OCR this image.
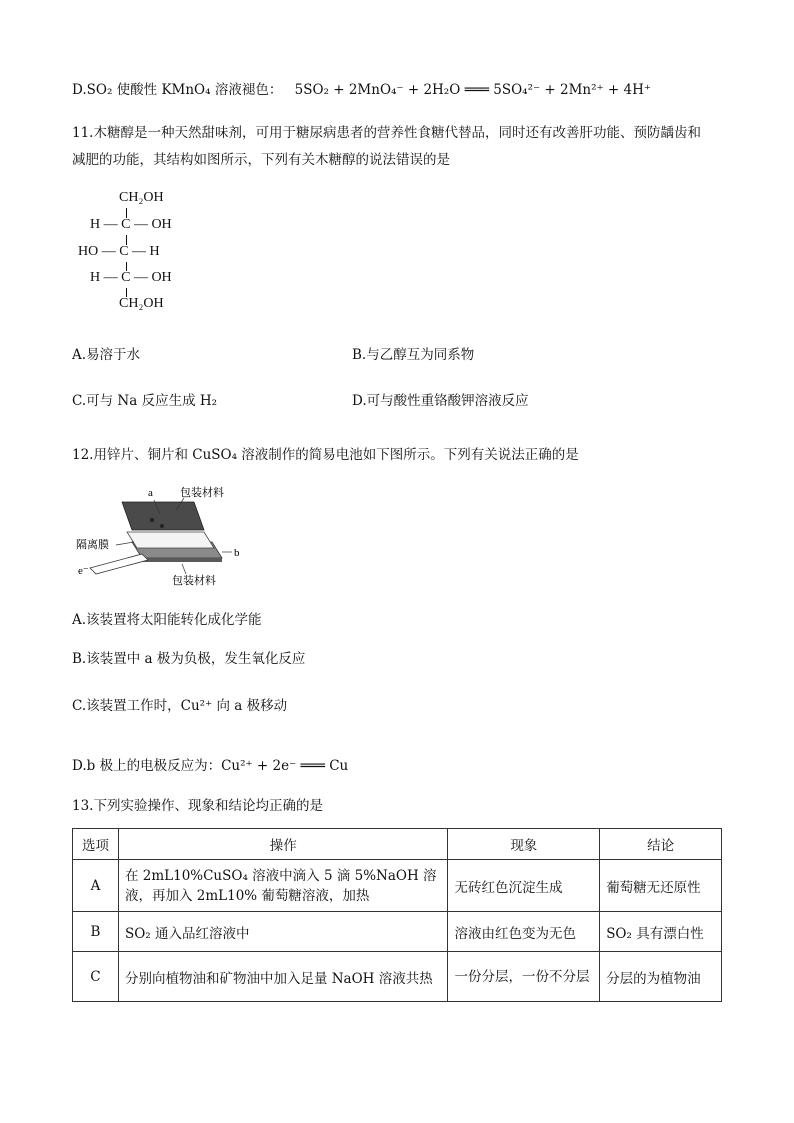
D.SO₂ 使酸性 KMnO₄ 溶液褪色： 5SO₂ + 2MnO₄⁻ + 2H₂O ═══ 5SO₄²⁻ + 2Mn²⁺ + 4H⁺
11.木糖醇是一种天然甜味剂，可用于糖尿病患者的营养性食糖代替品，同时还有改善肝功能、预防龋齿和
减肥的功能，其结构如图所示，下列有关木糖醇的说法错误的是
CH₂OH
H — C — OH
HO — C — H
H — C — OH
CH₂OH
A.易溶于水	B.与乙醇互为同系物
C.可与 Na 反应生成 H₂	D.可与酸性重铬酸钾溶液反应
12.用锌片、铜片和 CuSO₄ 溶液制作的简易电池如下图所示。下列有关说法正确的是
a 包装材料
隔离膜
b
e⁻
包装材料
A.该装置将太阳能转化成化学能
B.该装置中 a 极为负极，发生氧化反应
C.该装置工作时，Cu²⁺ 向 a 极移动
D.b 极上的电极反应为：Cu²⁺ + 2e⁻ ═══ Cu
13.下列实验操作、现象和结论均正确的是
选项	操作	现象	结论
A	在 2mL10%CuSO₄ 溶液中滴入 5 滴 5%NaOH 溶液，再加入 2mL10% 葡萄糖溶液，加热	无砖红色沉淀生成	葡萄糖无还原性
B	SO₂ 通入品红溶液中	溶液由红色变为无色	SO₂ 具有漂白性
C	分别向植物油和矿物油中加入足量 NaOH 溶液共热	一份分层，一份不分层	分层的为植物油
